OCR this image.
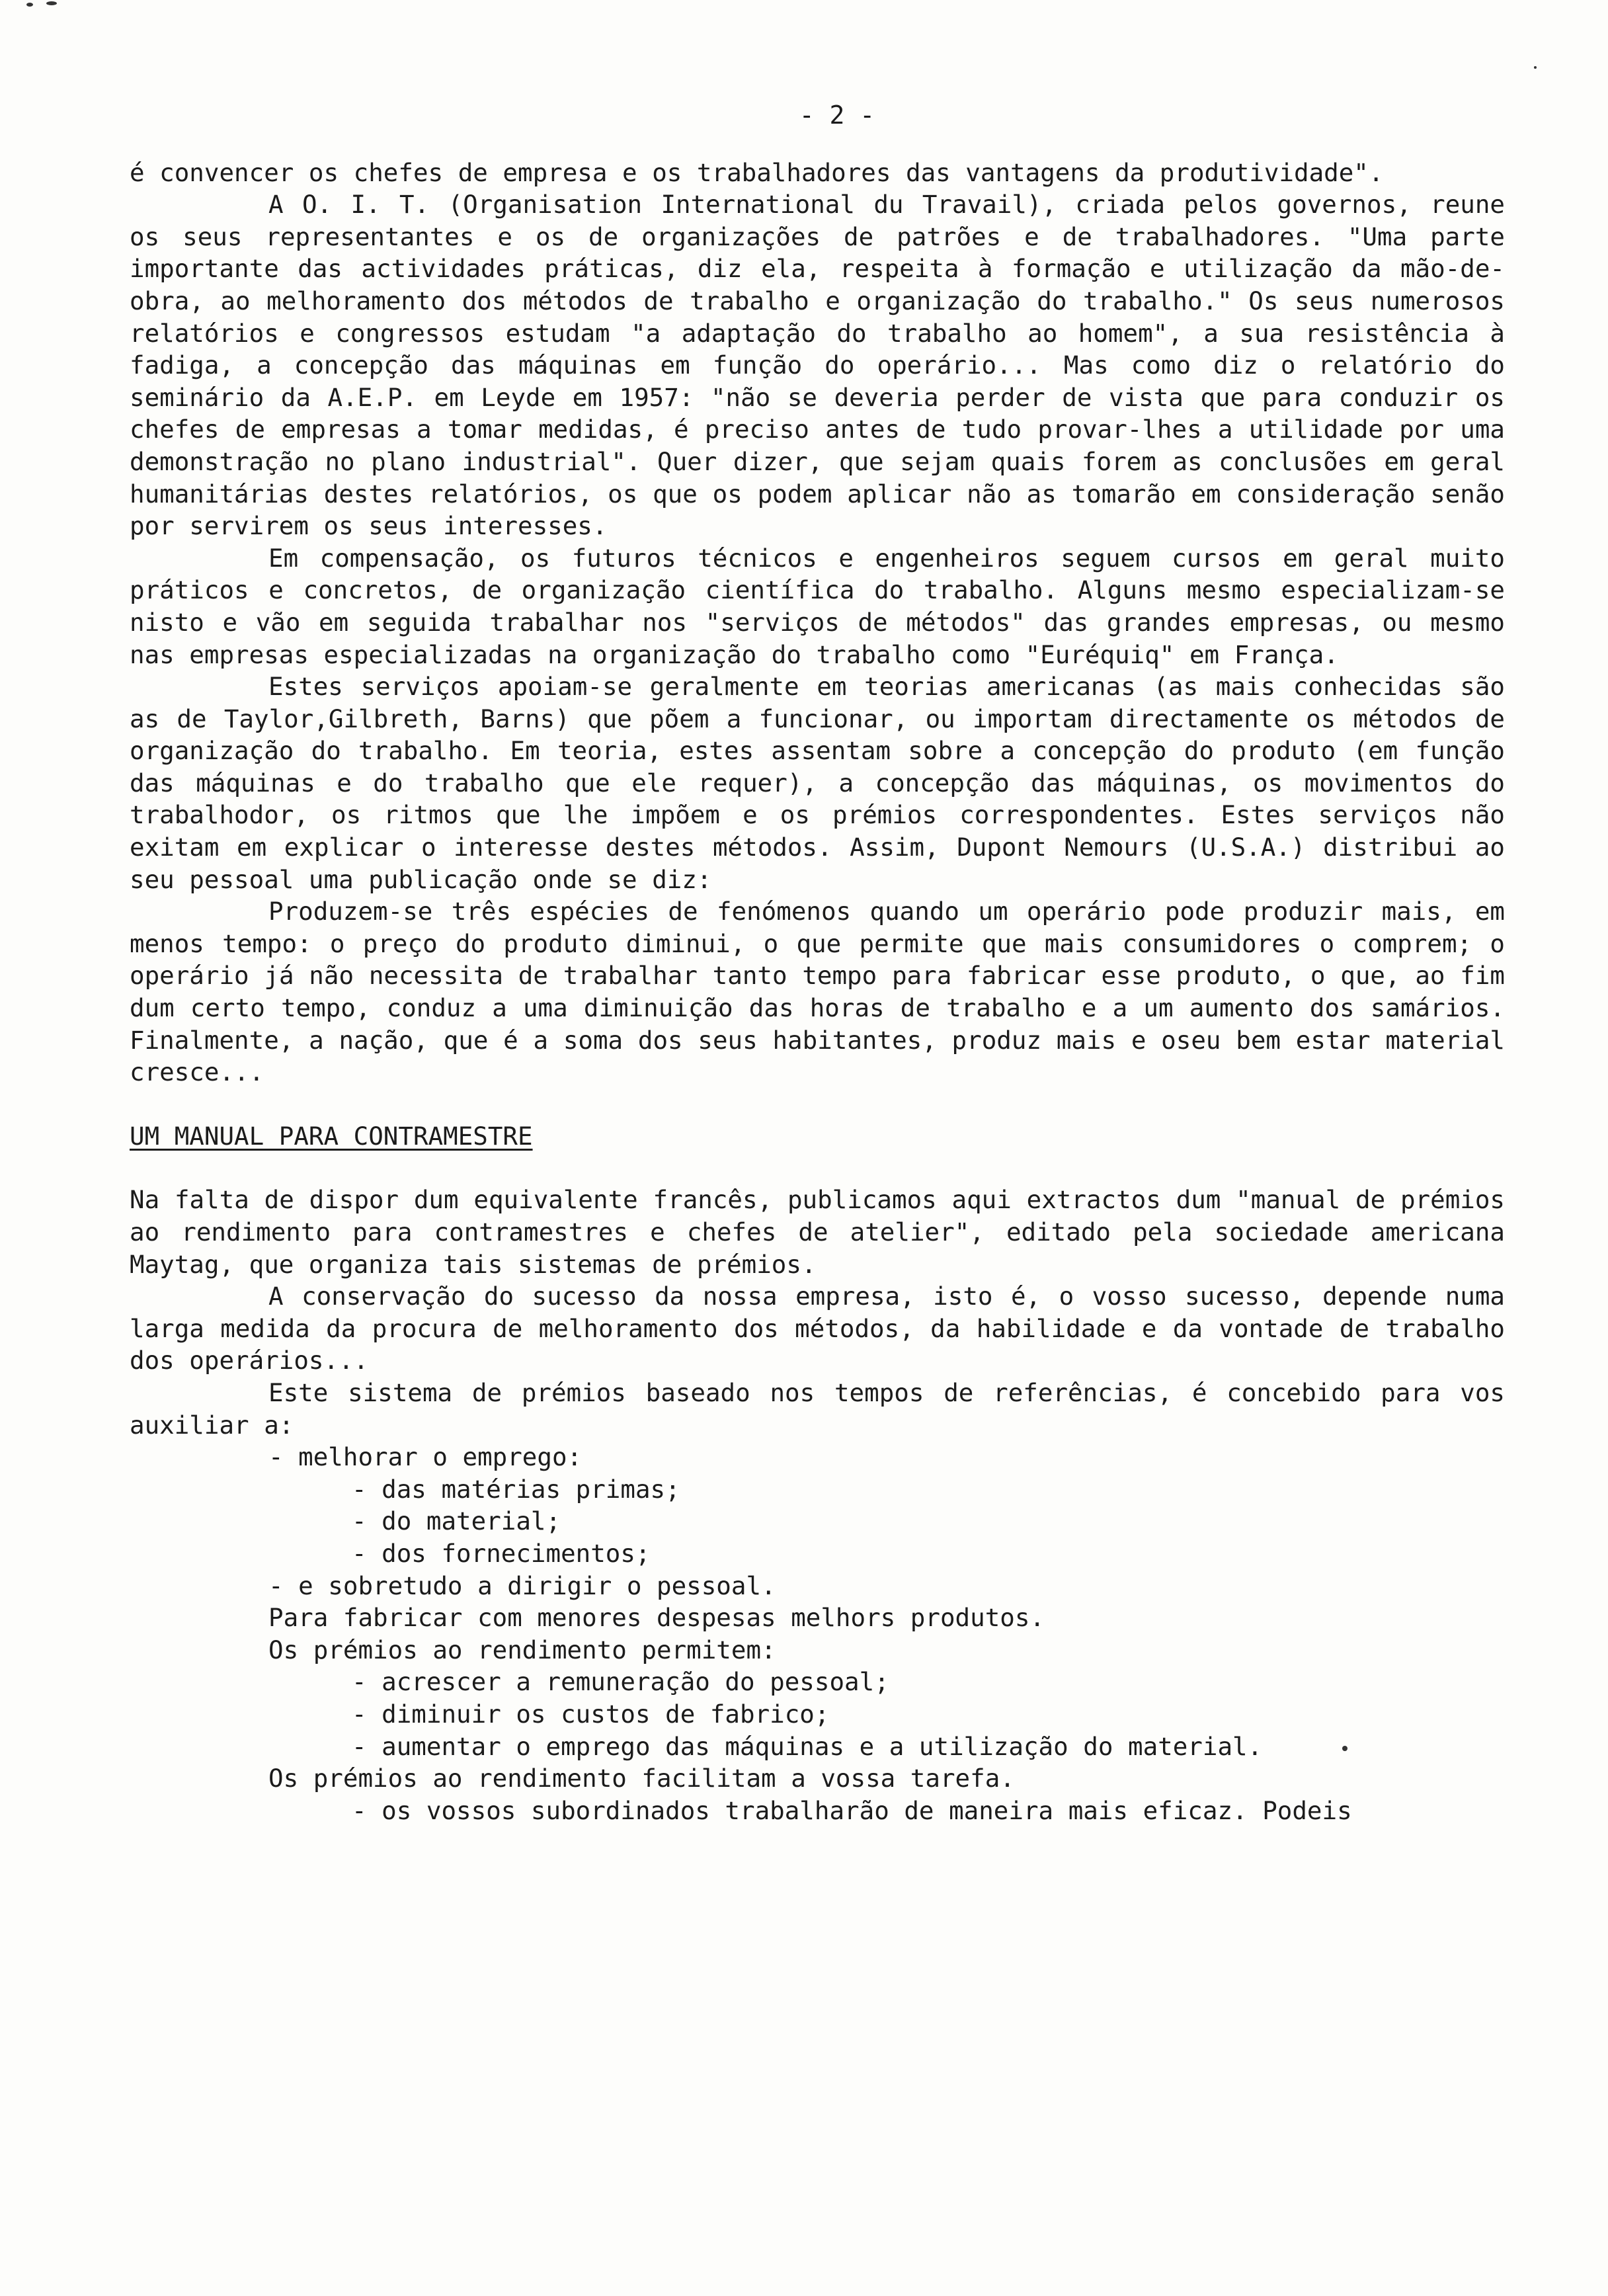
- 2 -

é convencer os chefes de empresa e os trabalhadores das vantagens da produtividade".

A O. I. T. (Organisation International du Travail), criada pelos governos, reune os seus representantes e os de organizações de patrões e de trabalhadores. "Uma parte importante das actividades práticas, diz ela, respeita à formação e utilização da mão-de-obra, ao melhoramento dos métodos de trabalho e organização do trabalho." Os seus numerosos relatórios e congressos estudam "a adaptação do trabalho ao homem", a sua resistência à fadiga, a concepção das máquinas em função do operário... Mas como diz o relatório do seminário da A.E.P. em Leyde em 1957: "não se deveria perder de vista que para conduzir os chefes de empresas a tomar medidas, é preciso antes de tudo provar-lhes a utilidade por uma demonstração no plano industrial". Quer dizer, que sejam quais forem as conclusões em geral humanitárias destes relatórios, os que os podem aplicar não as tomarão em consideração senão por servirem os seus interesses.

Em compensação, os futuros técnicos e engenheiros seguem cursos em geral muito práticos e concretos, de organização científica do trabalho. Alguns mesmo especializam-se nisto e vão em seguida trabalhar nos "serviços de métodos" das grandes empresas, ou mesmo nas empresas especializadas na organização do trabalho como "Euréquiq" em França.

Estes serviços apoiam-se geralmente em teorias americanas (as mais conhecidas são as de Taylor,Gilbreth, Barns) que põem a funcionar, ou importam directamente os métodos de organização do trabalho. Em teoria, estes assentam sobre a concepção do produto (em função das máquinas e do trabalho que ele requer), a concepção das máquinas, os movimentos do trabalhodor, os ritmos que lhe impõem e os prémios correspondentes. Estes serviços não exitam em explicar o interesse destes métodos. Assim, Dupont Nemours (U.S.A.) distribui ao seu pessoal uma publicação onde se diz:

Produzem-se três espécies de fenómenos quando um operário pode produzir mais, em menos tempo: o preço do produto diminui, o que permite que mais consumidores o comprem; o operário já não necessita de trabalhar tanto tempo para fabricar esse produto, o que, ao fim dum certo tempo, conduz a uma diminuição das horas de trabalho e a um aumento dos samários. Finalmente, a nação, que é a soma dos seus habitantes, produz mais e oseu bem estar material cresce...

UM MANUAL PARA CONTRAMESTRE

Na falta de dispor dum equivalente francês, publicamos aqui extractos dum "manual de prémios ao rendimento para contramestres e chefes de atelier", editado pela sociedade americana Maytag, que organiza tais sistemas de prémios.

A conservação do sucesso da nossa empresa, isto é, o vosso sucesso, depende numa larga medida da procura de melhoramento dos métodos, da habilidade e da vontade de trabalho dos operários...

Este sistema de prémios baseado nos tempos de referências, é concebido para vos auxiliar a:

- melhorar o emprego:

- das matérias primas;

- do material;

- dos fornecimentos;

- e sobretudo a dirigir o pessoal.

Para fabricar com menores despesas melhors produtos.

Os prémios ao rendimento permitem:

- acrescer a remuneração do pessoal;

- diminuir os custos de fabrico;

- aumentar o emprego das máquinas e a utilização do material.

Os prémios ao rendimento facilitam a vossa tarefa.

- os vossos subordinados trabalharão de maneira mais eficaz. Podeis
